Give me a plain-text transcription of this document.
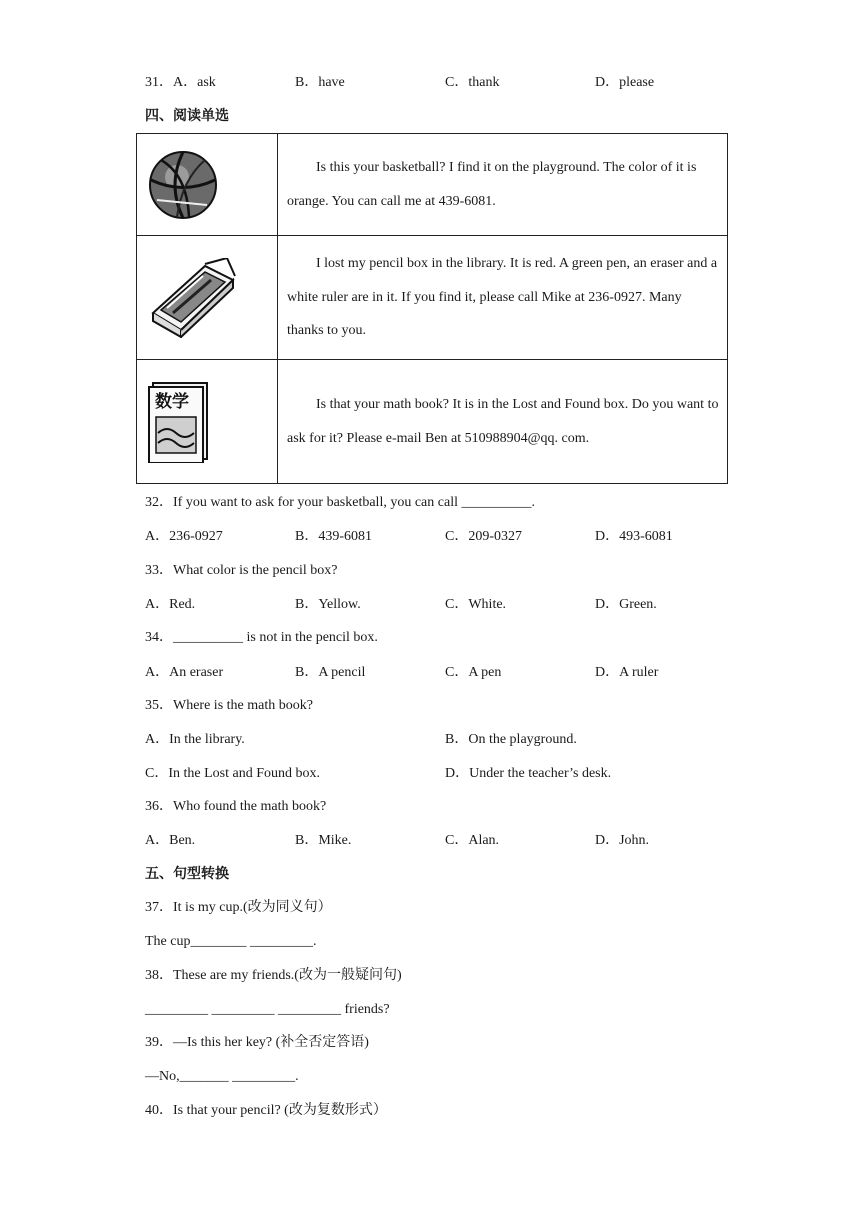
31．A．ask	B．have	C．thank	D．please
四、阅读单选
	Is this your basketball? I find it on the playground. The color of it is orange. You can call me at 439-6081.

	I lost my pencil box in the library. It is red. A green pen, an eraser and a white ruler are in it. If you find it, please call Mike at 236-0927. Many thanks to you.

数学	Is that your math book? It is in the Lost and Found box. Do you want to ask for it? Please e-mail Ben at 510988904@qq. com.
32．If you want to ask for your basketball, you can call __________.
A．236-0927	B．439-6081	C．209-0327	D．493-6081
33．What color is the pencil box?
A．Red.	B．Yellow.	C．White.	D．Green.
34．__________ is not in the pencil box.
A．An eraser	B．A pencil	C．A pen	D．A ruler
35．Where is the math book?
A．In the library.	B．On the playground.
C．In the Lost and Found box.	D．Under the teacher’s desk.
36．Who found the math book?
A．Ben.	B．Mike.	C．Alan.	D．John.
五、句型转换
37．It is my cup.(改为同义句）
The cup________ _________.
38．These are my friends.(改为一般疑问句)
_________ _________ _________ friends?
39．—Is this her key? (补全否定答语)
—No,_______ _________.
40．Is that your pencil? (改为复数形式）
